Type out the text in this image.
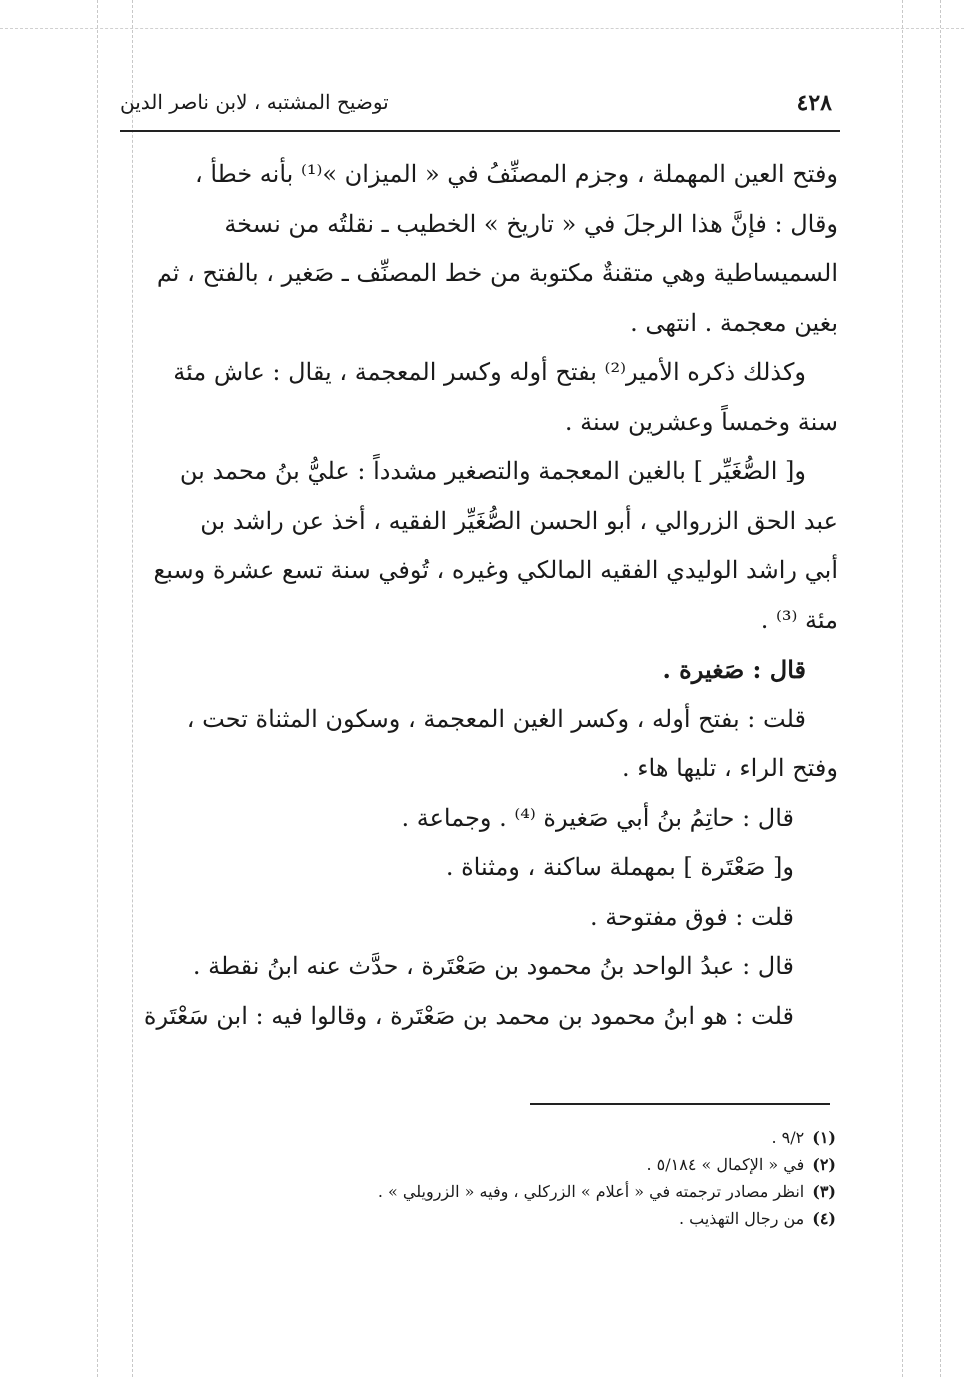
٤٢٨
توضيح المشتبه ، لابن ناصر الدين
وفتح العين المهملة ، وجزم المصنِّفُ في « الميزان »⁽¹⁾ بأنه خطأ ،
وقال : فإنَّ هذا الرجلَ في « تاريخ » الخطيب ـ نقلتُه من نسخة
السميساطية وهي متقنةٌ مكتوبة من خط المصنِّف ـ صَغير ، بالفتح ، ثم
بغين معجمة . انتهى .
وكذلك ذكره الأمير⁽²⁾ بفتح أوله وكسر المعجمة ، يقال : عاش مئة
سنة وخمساً وعشرين سنة .
و[ الصُّغَيِّر ] بالغين المعجمة والتصغير مشدداً : عليُّ بنُ محمد بن
عبد الحق الزروالي ، أبو الحسن الصُّغَيِّر الفقيه ، أخذ عن راشد بن
أبي راشد الوليدي الفقيه المالكي وغيره ، تُوفي سنة تسع عشرة وسبع
مئة ⁽³⁾ .
قال : صَغيرة .
قلت : بفتح أوله ، وكسر الغين المعجمة ، وسكون المثناة تحت ،
وفتح الراء ، تليها هاء .
قال : حاتِمُ بنُ أبي صَغيرة ⁽⁴⁾ . وجماعة .
و[ صَعْتَرة ] بمهملة ساكنة ، ومثناة .
قلت : فوق مفتوحة .
قال : عبدُ الواحد بنُ محمود بن صَعْتَرة ، حدَّث عنه ابنُ نقطة .
قلت : هو ابنُ محمود بن محمد بن صَعْتَرة ، وقالوا فيه : ابن سَعْتَرة
(١)٩/٢ .
(٢)في « الإكمال » ٥/١٨٤ .
(٣)انظر مصادر ترجمته في « أعلام » الزركلي ، وفيه « الزرويلي » .
(٤)من رجال التهذيب .
